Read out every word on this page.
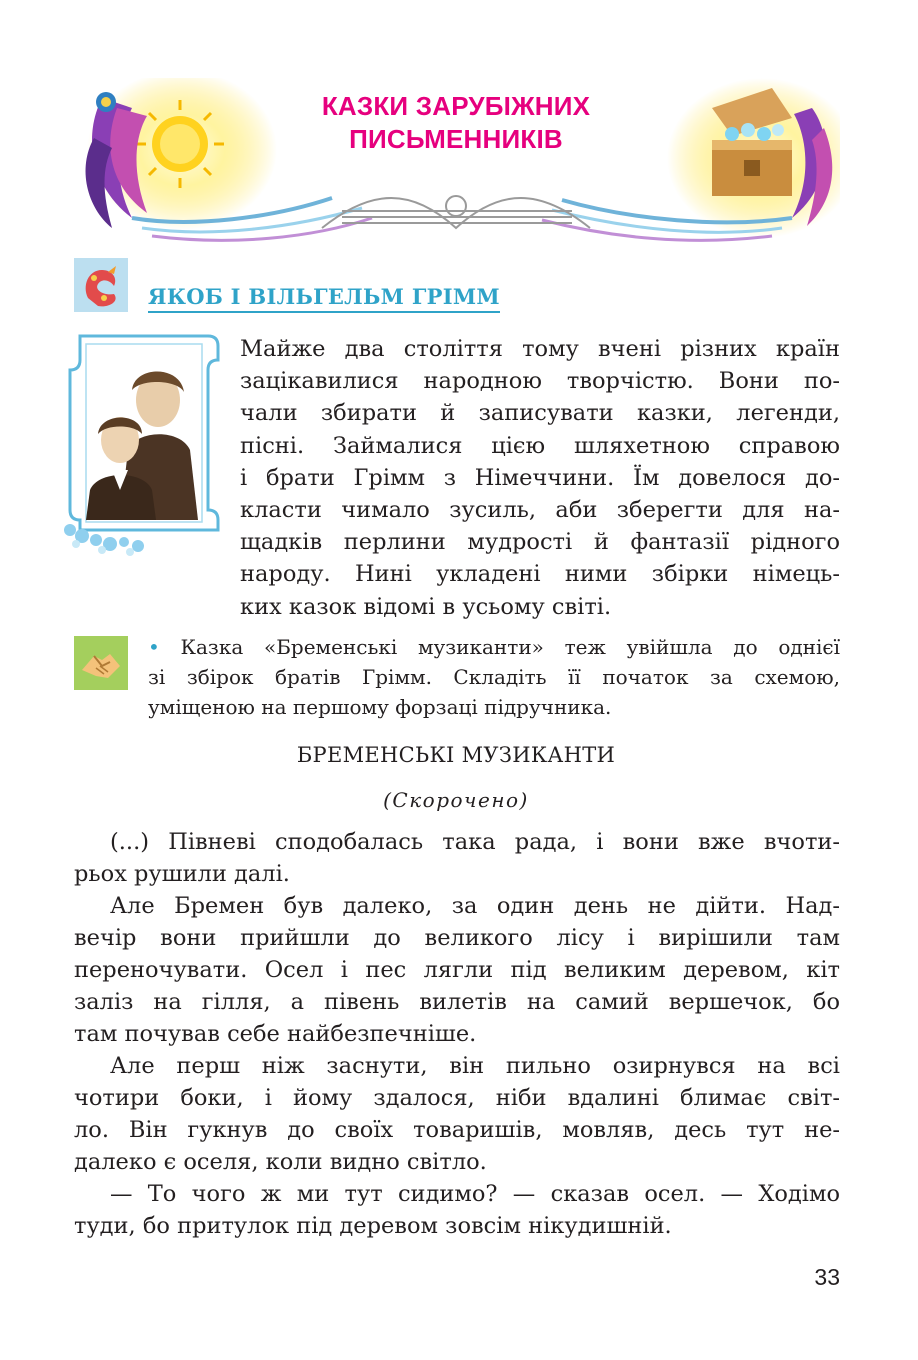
КАЗКИ ЗАРУБІЖНИХ
ПИСЬМЕННИКІВ
ЯКОБ І ВІЛЬГЕЛЬМ ГРІММ
Майже два століття тому вчені різних країн
зацікавилися народною творчістю. Вони по-
чали збирати й записувати казки, легенди,
пісні. Займалися цією шляхетною справою
і брати Грімм з Німеччини. Їм довелося до-
класти чимало зусиль, аби зберегти для на-
щадків перлини мудрості й фантазії рідного
народу. Нині укладені ними збірки німець-
ких казок відомі в усьому світі.
• Казка «Бременські музиканти» теж увійшла до однієї
зі збірок братів Грімм. Складіть її початок за схемою,
уміщеною на першому форзаці підручника.
БРЕМЕНСЬКІ МУЗИКАНТИ
(Скорочено)

(...) Півневі сподобалась така рада, і вони вже вчоти-
рьох рушили далі.

Але Бремен був далеко, за один день не дійти. Над-
вечір вони прийшли до великого лісу і вирішили там
переночувати. Осел і пес лягли під великим деревом, кіт
заліз на гілля, а півень вилетів на самий вершечок, бо
там почував себе найбезпечніше.

Але перш ніж заснути, він пильно озирнувся на всі
чотири боки, і йому здалося, ніби вдалині блимає світ-
ло. Він гукнув до своїх товаришів, мовляв, десь тут не-
далеко є оселя, коли видно світло.

— То чого ж ми тут сидимо? — сказав осел. — Ходімо
туди, бо притулок під деревом зовсім нікудишній.

33
